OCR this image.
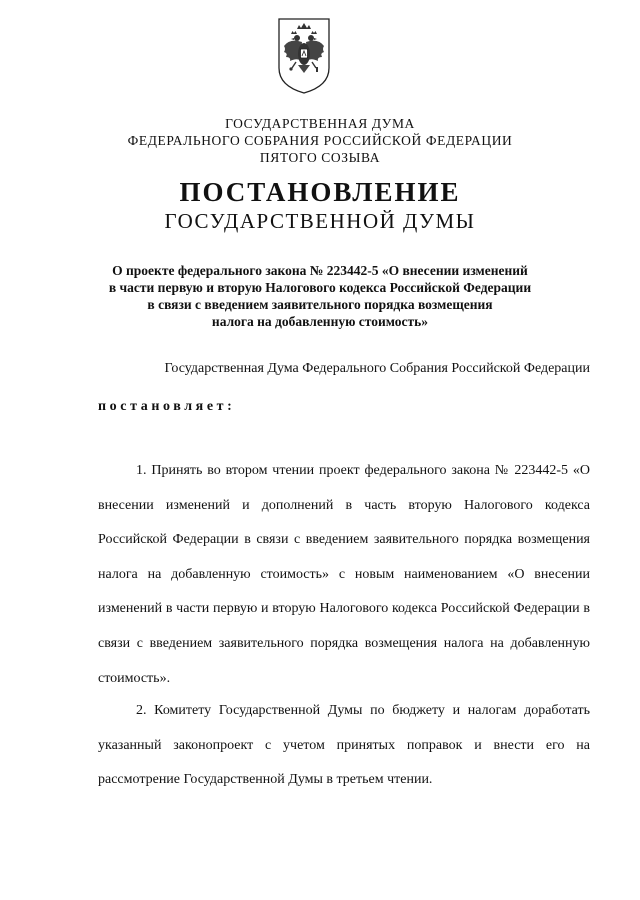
ГОСУДАРСТВЕННАЯ ДУМА
ФЕДЕРАЛЬНОГО СОБРАНИЯ РОССИЙСКОЙ ФЕДЕРАЦИИ
ПЯТОГО СОЗЫВА
ПОСТАНОВЛЕНИЕ
ГОСУДАРСТВЕННОЙ ДУМЫ
О проекте федерального закона № 223442-5 «О внесении изменений
в части первую и вторую Налогового кодекса Российской Федерации
в связи с введением заявительного порядка возмещения
налога на добавленную стоимость»
Государственная Дума Федерального Собрания Российской Федерации
постановляет:

1. Принять во втором чтении проект федерального закона № 223442-5 «О внесении изменений и дополнений в часть вторую Налогового кодекса Российской Федерации в связи с введением заявительного порядка возмещения налога на добавленную стоимость» с новым наименованием «О внесении изменений в части первую и вторую Налогового кодекса Российской Федерации в связи с введением заявительного порядка возмещения налога на добавленную стоимость».

2. Комитету Государственной Думы по бюджету и налогам доработать указанный законопроект с учетом принятых поправок и внести его на рассмотрение Государственной Думы в третьем чтении.
